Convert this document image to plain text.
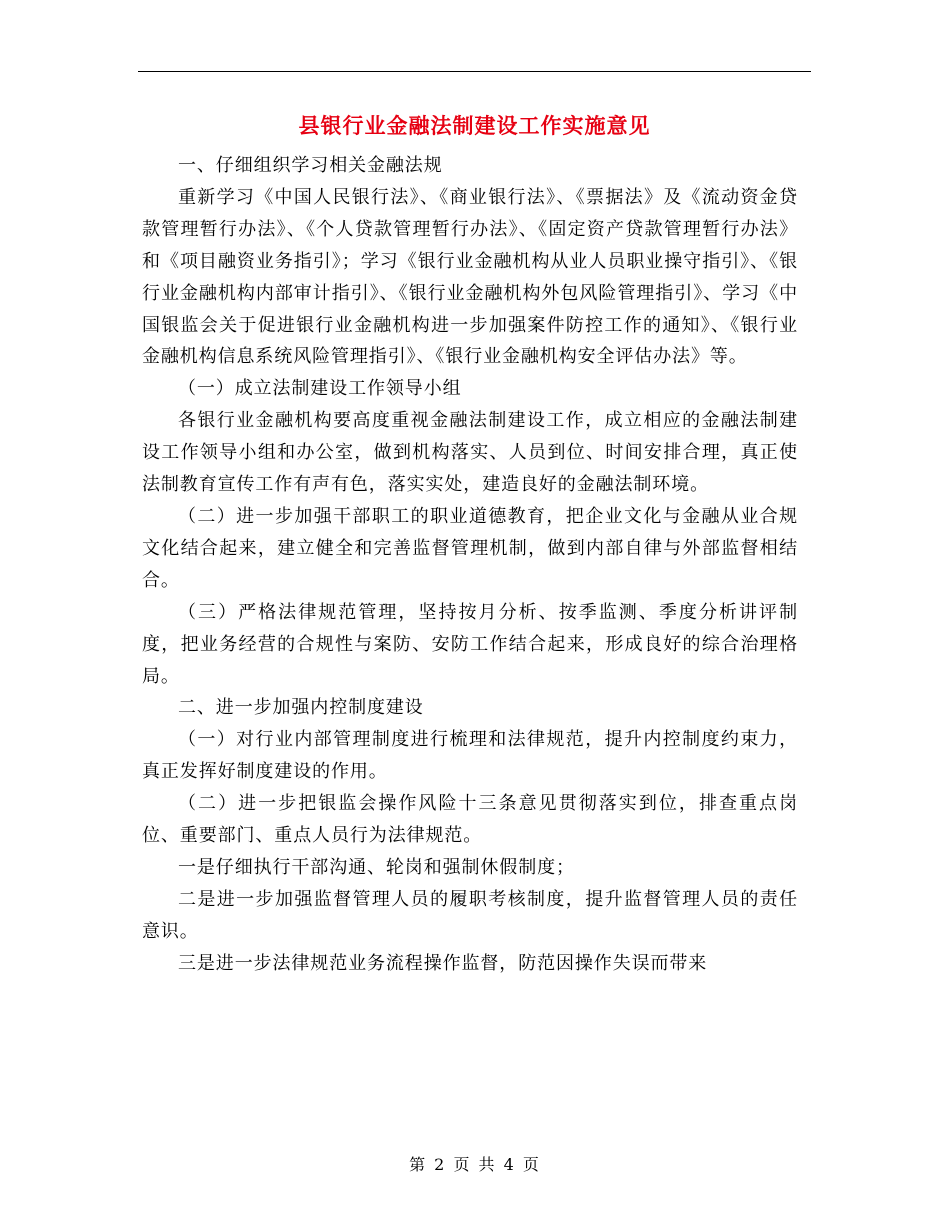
县银行业金融法制建设工作实施意见

一、仔细组织学习相关金融法规

重新学习《中国人民银行法》、《商业银行法》、《票据法》及《流动资金贷款管理暂行办法》、《个人贷款管理暂行办法》、《固定资产贷款管理暂行办法》和《项目融资业务指引》；学习《银行业金融机构从业人员职业操守指引》、《银行业金融机构内部审计指引》、《银行业金融机构外包风险管理指引》、学习《中国银监会关于促进银行业金融机构进一步加强案件防控工作的通知》、《银行业金融机构信息系统风险管理指引》、《银行业金融机构安全评估办法》等。

（一）成立法制建设工作领导小组

各银行业金融机构要高度重视金融法制建设工作，成立相应的金融法制建设工作领导小组和办公室，做到机构落实、人员到位、时间安排合理，真正使法制教育宣传工作有声有色，落实实处，建造良好的金融法制环境。

（二）进一步加强干部职工的职业道德教育，把企业文化与金融从业合规文化结合起来，建立健全和完善监督管理机制，做到内部自律与外部监督相结合。

（三）严格法律规范管理，坚持按月分析、按季监测、季度分析讲评制度，把业务经营的合规性与案防、安防工作结合起来，形成良好的综合治理格局。

二、进一步加强内控制度建设

（一）对行业内部管理制度进行梳理和法律规范，提升内控制度约束力，真正发挥好制度建设的作用。

（二）进一步把银监会操作风险十三条意见贯彻落实到位，排查重点岗位、重要部门、重点人员行为法律规范。

一是仔细执行干部沟通、轮岗和强制休假制度；

二是进一步加强监督管理人员的履职考核制度，提升监督管理人员的责任意识。

三是进一步法律规范业务流程操作监督，防范因操作失误而带来

第 2 页 共 4 页
